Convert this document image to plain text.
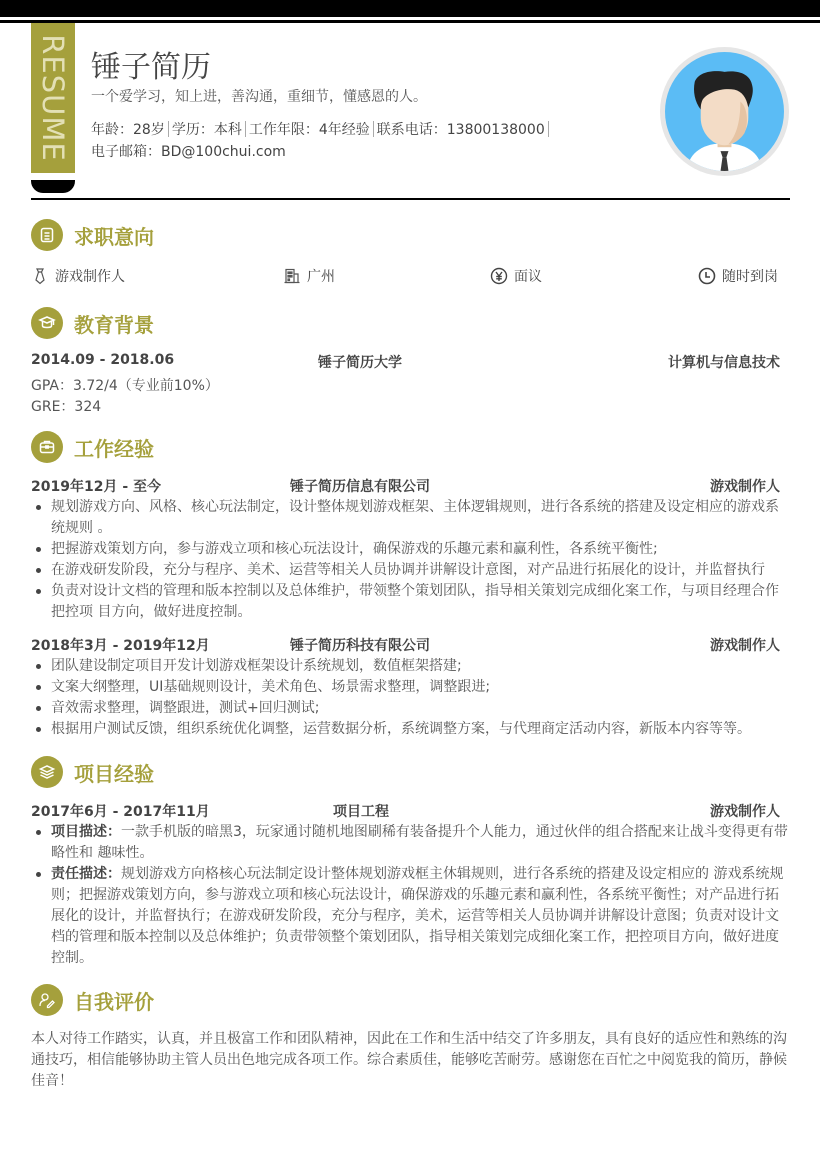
RESUME 锤子简历
一个爱学习，知上进，善沟通，重细节，懂感恩的人。
年龄：28岁 学历：本科 工作年限：4年经验 联系电话：13800138000
电子邮箱：BD@100chui.com
求职意向
游戏制作人	广州	面议	随时到岗
教育背景
2014.09 - 2018.06	锤子简历大学	计算机与信息技术
GPA：3.72/4（专业前10%）
GRE：324
工作经验
2019年12月 - 至今	锤子简历信息有限公司	游戏制作人
规划游戏方向、风格、核心玩法制定，设计整体规划游戏框架、主体逻辑规则，进行各系统的搭建及设定相应的游戏系统规则 。
把握游戏策划方向，参与游戏立项和核心玩法设计，确保游戏的乐趣元素和赢利性，各系统平衡性;
在游戏研发阶段，充分与程序、美术、运营等相关人员协调并讲解设计意图，对产品进行拓展化的设计，并监督执行
负责对设计文档的管理和版本控制以及总体维护，带领整个策划团队，指导相关策划完成细化案工作，与项目经理合作把控项 目方向，做好进度控制。
2018年3月 - 2019年12月	锤子简历科技有限公司	游戏制作人
团队建设制定项目开发计划游戏框架设计系统规划，数值框架搭建;
文案大纲整理，UI基础规则设计，美术角色、场景需求整理，调整跟进;
音效需求整理，调整跟进，测试+回归测试;
根据用户测试反馈，组织系统优化调整，运营数据分析，系统调整方案，与代理商定活动内容，新版本内容等等。
项目经验
2017年6月 - 2017年11月	项目工程	游戏制作人
项目描述：一款手机版的暗黑3，玩家通讨随机地图刷稀有装备提升个人能力，通过伙伴的组合搭配来让战斗变得更有带略性和 趣味性。
责任描述：规划游戏方向格核心玩法制定设计整体规划游戏框主休辑规则，进行各系统的搭建及设定相应的 游戏系统规则；把握游戏策划方向，参与游戏立项和核心玩法设计，确保游戏的乐趣元素和赢利性，各系统平衡性；对产品进行拓展化的设计，并监督执行；在游戏研发阶段，充分与程序，美术，运营等相关人员协调并讲解设计意图；负责对设计文档的管理和版本控制以及总体维护；负责带领整个策划团队，指导相关策划完成细化案工作，把控项目方向，做好进度控制。
自我评价
本人对待工作踏实，认真，并且极富工作和团队精神，因此在工作和生活中结交了许多朋友，具有良好的适应性和熟练的沟通技巧，相信能够协助主管人员出色地完成各项工作。综合素质佳，能够吃苦耐劳。感谢您在百忙之中阅览我的简历，静候佳音！
